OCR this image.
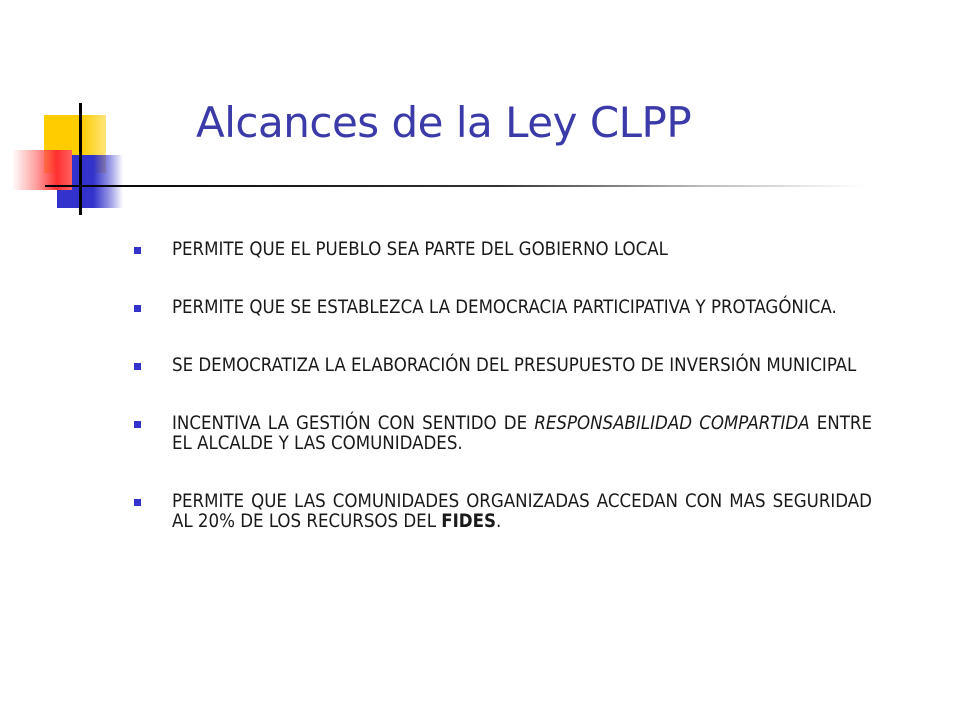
Alcances de la Ley CLPP
PERMITE QUE EL PUEBLO SEA PARTE DEL GOBIERNO LOCAL
PERMITE QUE SE ESTABLEZCA LA DEMOCRACIA PARTICIPATIVA Y PROTAGÓNICA.
SE DEMOCRATIZA LA ELABORACIÓN DEL PRESUPUESTO DE INVERSIÓN MUNICIPAL
INCENTIVA LA GESTIÓN CON SENTIDO DE RESPONSABILIDAD COMPARTIDA ENTRE EL ALCALDE Y LAS COMUNIDADES.
PERMITE QUE LAS COMUNIDADES ORGANIZADAS ACCEDAN CON MAS SEGURIDAD AL 20% DE LOS RECURSOS DEL FIDES.
